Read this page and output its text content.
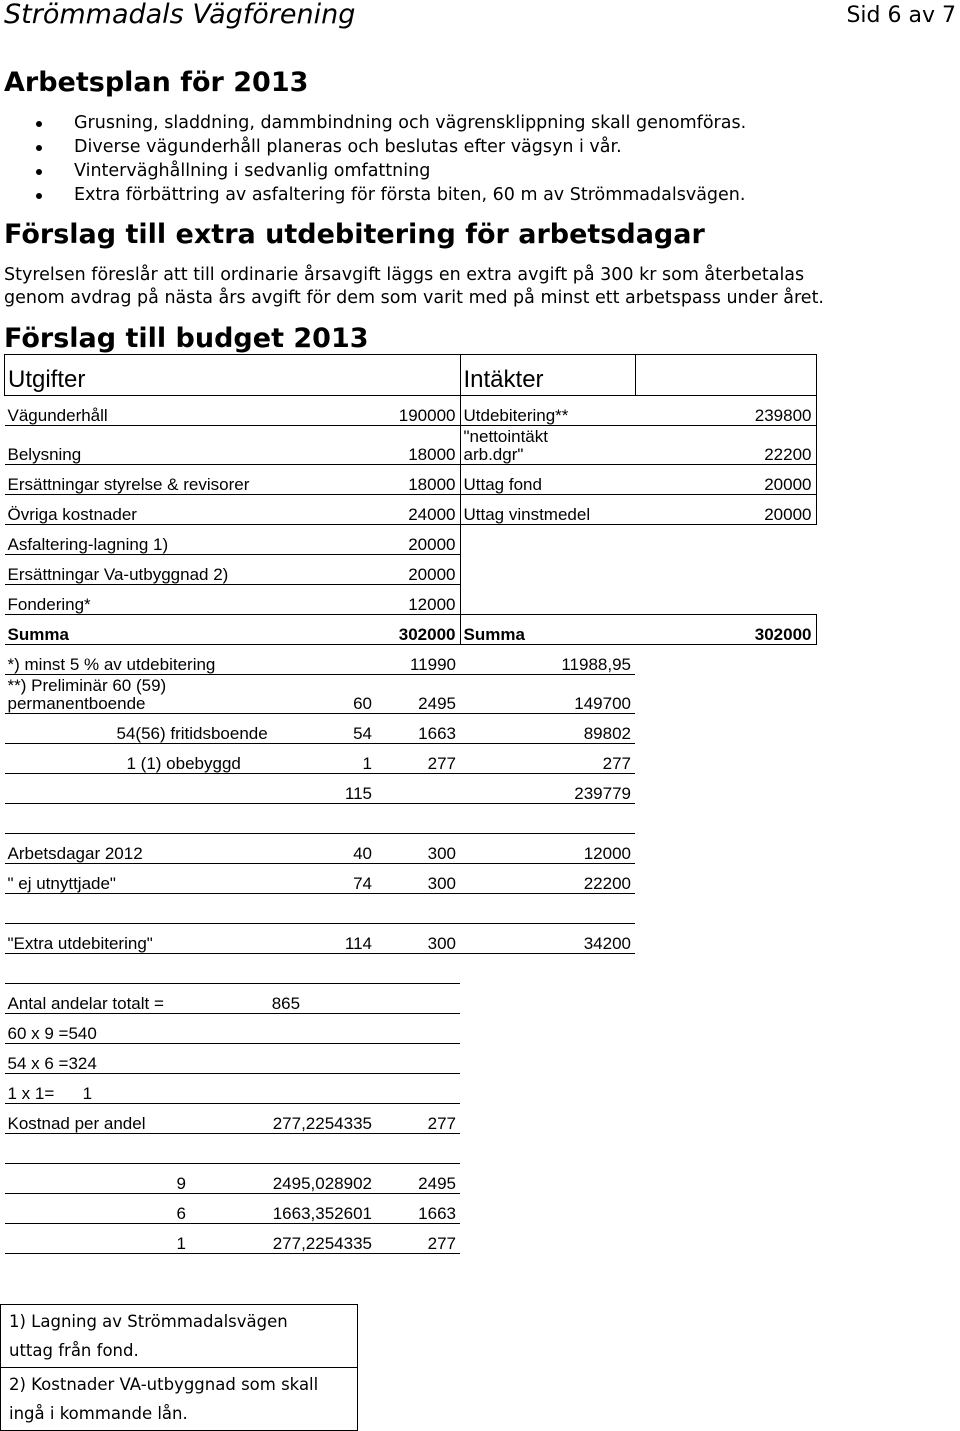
Strömmadals Vägförening	Sid 6 av 7
Arbetsplan för 2013
Grusning, sladdning, dammbindning och vägrensklippning skall genomföras.
Diverse vägunderhåll planeras och beslutas efter vägsyn i vår.
Vinterväghållning i sedvanlig omfattning
Extra förbättring av asfaltering för första biten, 60 m av Strömmadalsvägen.
Förslag till extra utdebitering för arbetsdagar
Styrelsen föreslår att till ordinarie årsavgift läggs en extra avgift på 300 kr som återbetalas
genom avdrag på nästa års avgift för dem som varit med på minst ett arbetspass under året.
Förslag till budget 2013
Utgifter			Intäkter	
Vägunderhåll	190000		Utdebitering**	239800
Belysning	18000		"nettointäkt arb.dgr"	22200
Ersättningar styrelse & revisorer	18000		Uttag fond	20000
Övriga kostnader	24000		Uttag vinstmedel	20000
Asfaltering-lagning 1)	20000			
Ersättningar Va-utbyggnad 2)	20000			
Fondering*	12000			
Summa	302000		Summa	302000
*) minst 5 % av utdebitering	11990		11988,95	
**) Preliminär 60 (59) permanentboende	60	2495	149700	
54(56) fritidsboende	54	1663	89802	
1 (1) obebyggd	1	277	277	
	115		239779	

Arbetsdagar 2012	40	300	12000	
" ej utnyttjade"	74	300	22200	

"Extra utdebitering"	114	300	34200	

Antal andelar totalt =	865			
60 x 9 =540				
54 x 6 =324				
1 x 1=      1				
Kostnad per andel	277,2254335	277		

9	2495,028902	2495		
6	1663,352601	1663		
1	277,2254335	277		
1) Lagning av Strömmadalsvägen
uttag från fond.

2) Kostnader VA-utbyggnad som skall
ingå i kommande lån.
